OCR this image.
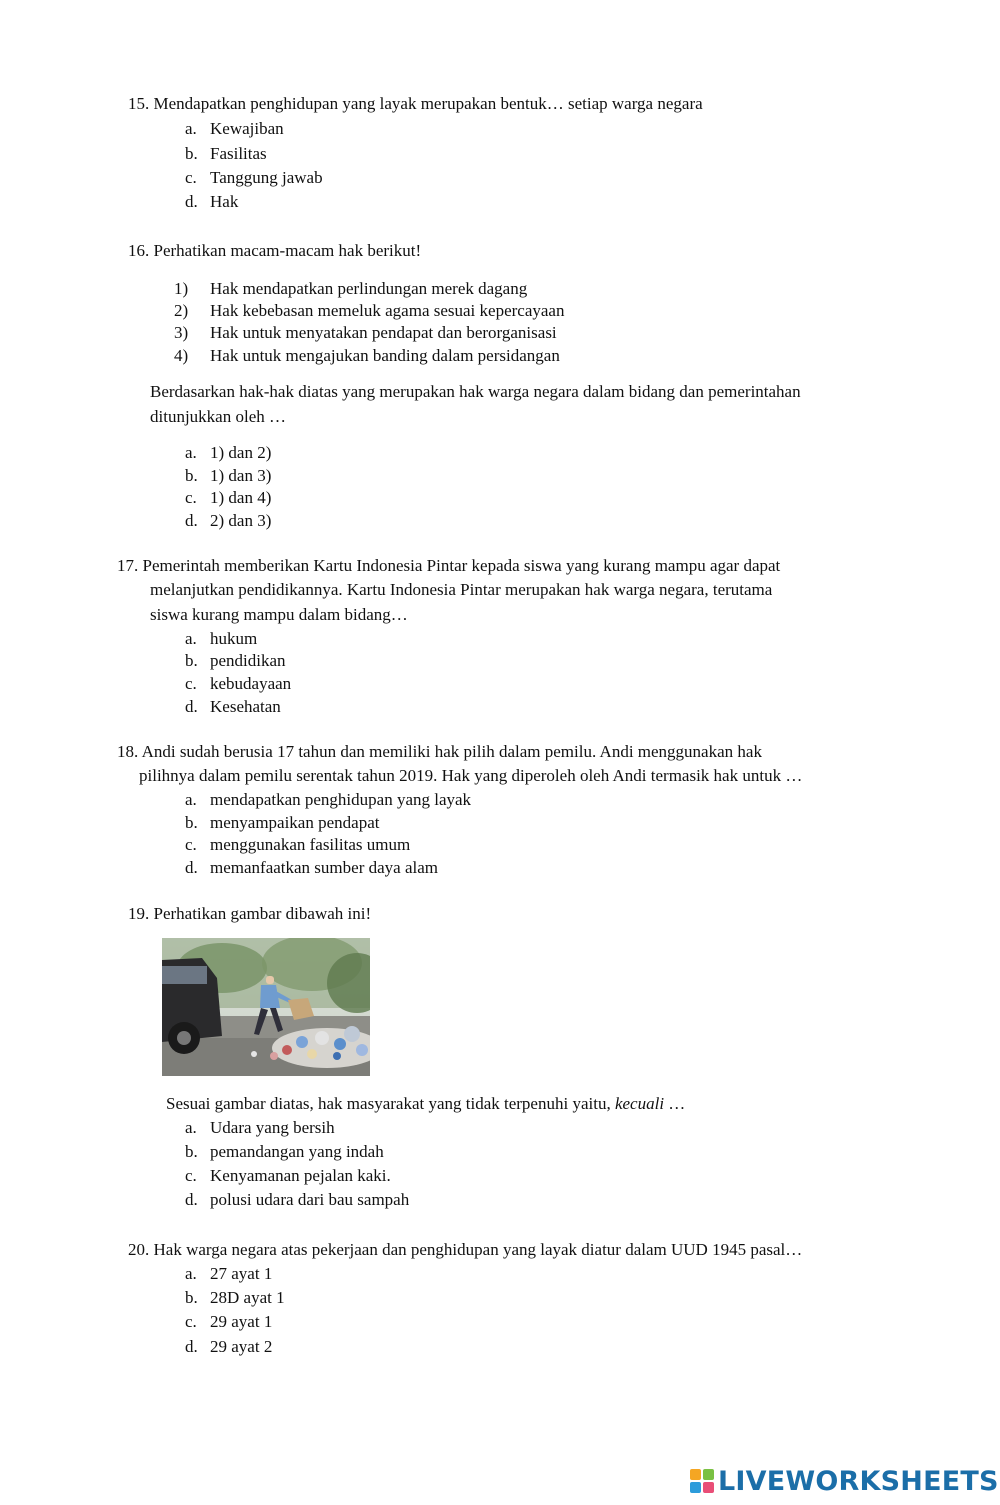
15. Mendapatkan penghidupan yang layak merupakan bentuk… setiap warga negara
a. Kewajiban
b. Fasilitas
c. Tanggung jawab
d. Hak
16. Perhatikan macam-macam hak berikut!
1)	Hak mendapatkan perlindungan merek dagang
2)	Hak kebebasan memeluk agama sesuai kepercayaan
3)	Hak untuk menyatakan pendapat dan berorganisasi
4)	Hak untuk mengajukan banding dalam persidangan
Berdasarkan hak-hak diatas yang merupakan hak warga negara dalam bidang dan pemerintahan
ditunjukkan oleh …
a. 1) dan 2)
b. 1) dan 3)
c. 1) dan 4)
d. 2) dan 3)
17. Pemerintah memberikan Kartu Indonesia Pintar kepada siswa yang kurang mampu agar dapat
melanjutkan pendidikannya. Kartu Indonesia Pintar merupakan hak warga negara, terutama
siswa kurang mampu dalam bidang…
a. hukum
b. pendidikan
c. kebudayaan
d. Kesehatan
18. Andi sudah berusia 17 tahun dan memiliki hak pilih dalam pemilu. Andi menggunakan hak
pilihnya dalam pemilu serentak tahun 2019. Hak yang diperoleh oleh Andi termasik hak untuk …
a. mendapatkan penghidupan yang layak
b. menyampaikan pendapat
c. menggunakan fasilitas umum
d. memanfaatkan sumber daya alam
19. Perhatikan gambar dibawah ini!
Sesuai gambar diatas, hak masyarakat yang tidak terpenuhi yaitu, kecuali …
a. Udara yang bersih
b. pemandangan yang indah
c. Kenyamanan pejalan kaki.
d. polusi udara dari bau sampah
20. Hak warga negara atas pekerjaan dan penghidupan yang layak diatur dalam UUD 1945 pasal…
a. 27 ayat 1
b. 28D ayat 1
c. 29 ayat 1
d. 29 ayat 2
LIVEWORKSHEETS
